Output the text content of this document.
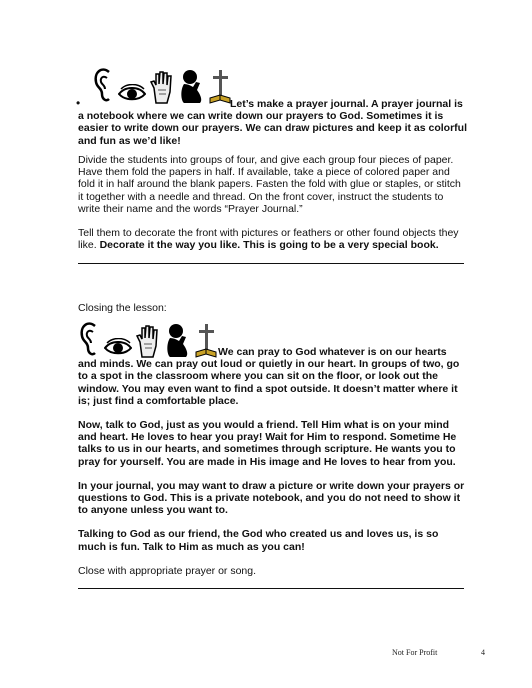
•	Let’s make a prayer journal. A prayer journal is a notebook where we can write down our prayers to God. Sometimes it is easier to write down our prayers. We can draw pictures and keep it as colorful and fun as we’d like!

Divide the students into groups of four, and give each group four pieces of paper. Have them fold the papers in half. If available, take a piece of colored paper and fold it in half around the blank papers. Fasten the fold with glue or staples, or stitch it together with a needle and thread. On the front cover, instruct the students to write their name and the words “Prayer Journal.”

Tell them to decorate the front with pictures or feathers or other found objects they like. Decorate it the way you like. This is going to be a very special book.

Closing the lesson:

We can pray to God whatever is on our hearts and minds. We can pray out loud or quietly in our heart. In groups of two, go to a spot in the classroom where you can sit on the floor, or look out the window. You may even want to find a spot outside. It doesn’t matter where it is; just find a comfortable place.

Now, talk to God, just as you would a friend. Tell Him what is on your mind and heart. He loves to hear you pray! Wait for Him to respond. Sometime He talks to us in our hearts, and sometimes through scripture. He wants you to pray for yourself. You are made in His image and He loves to hear from you.

In your journal, you may want to draw a picture or write down your prayers or questions to God. This is a private notebook, and you do not need to show it to anyone unless you want to.

Talking to God as our friend, the God who created us and loves us, is so much is fun. Talk to Him as much as you can!

Close with appropriate prayer or song.

Not For Profit	4
